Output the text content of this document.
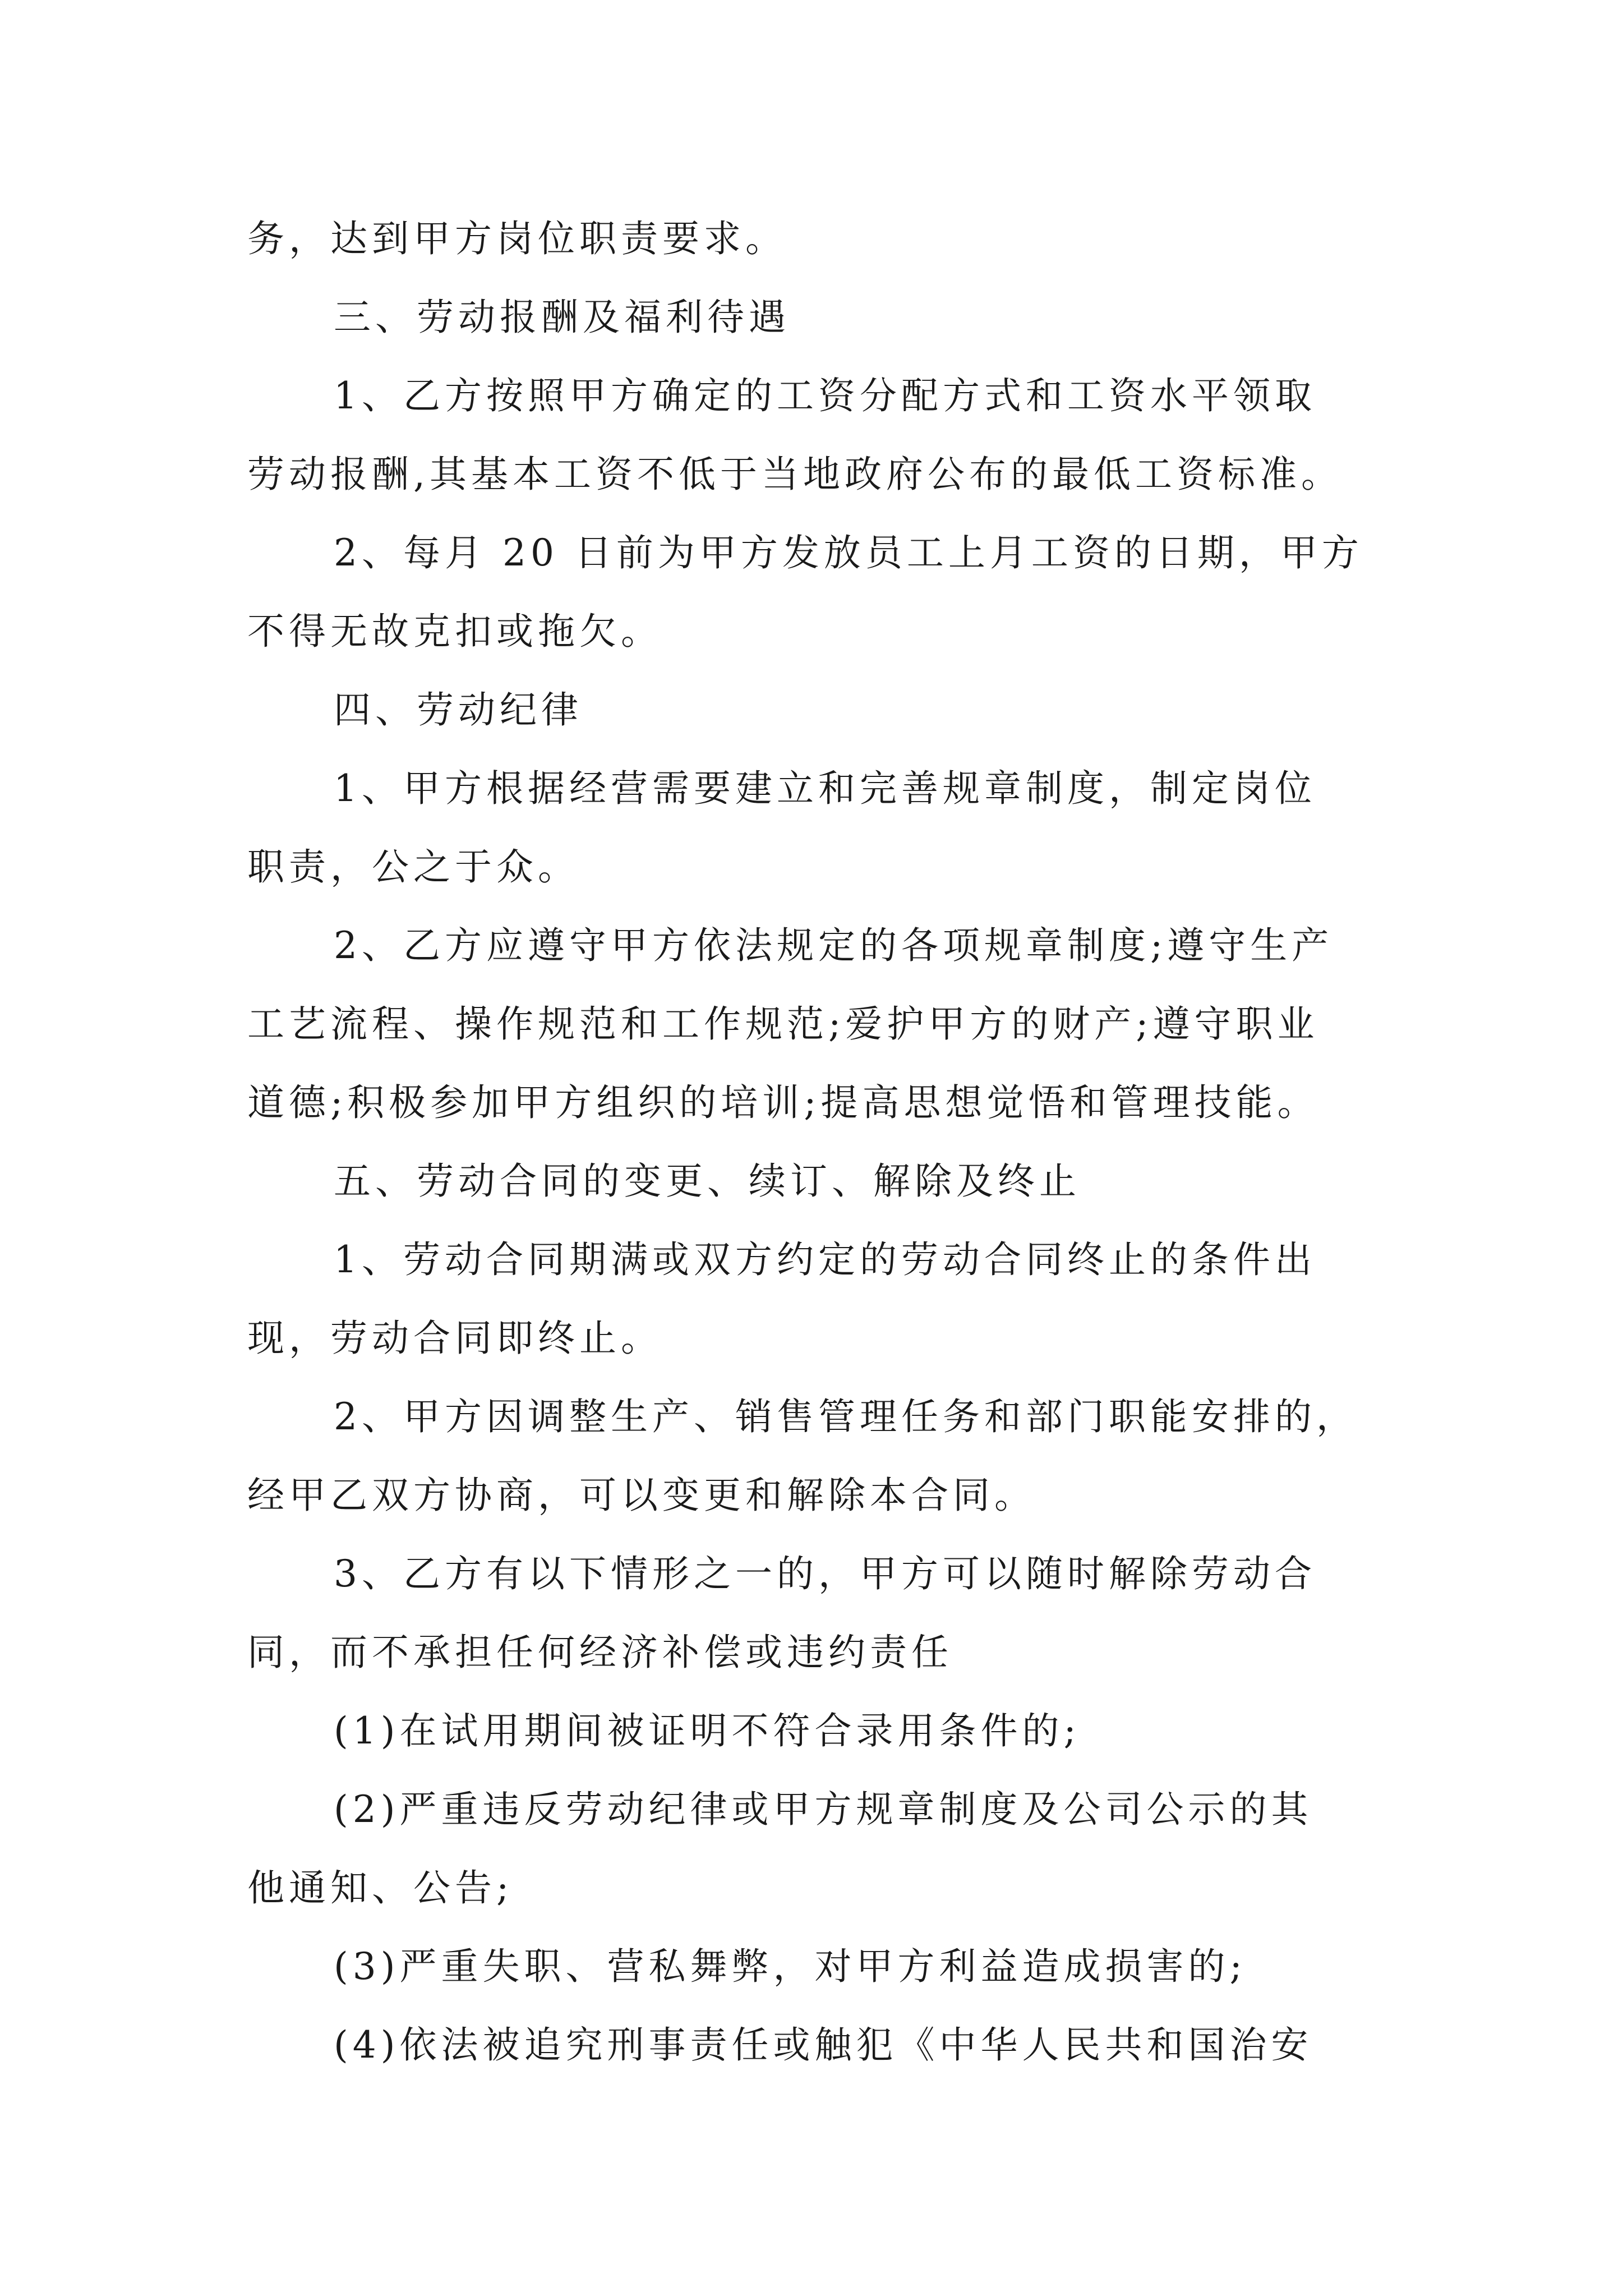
务，达到甲方岗位职责要求。
三、劳动报酬及福利待遇
1、乙方按照甲方确定的工资分配方式和工资水平领取
劳动报酬,其基本工资不低于当地政府公布的最低工资标准。
2、每月 20 日前为甲方发放员工上月工资的日期，甲方
不得无故克扣或拖欠。
四、劳动纪律
1、甲方根据经营需要建立和完善规章制度，制定岗位
职责，公之于众。
2、乙方应遵守甲方依法规定的各项规章制度;遵守生产
工艺流程、操作规范和工作规范;爱护甲方的财产;遵守职业
道德;积极参加甲方组织的培训;提高思想觉悟和管理技能。
五、劳动合同的变更、续订、解除及终止
1、劳动合同期满或双方约定的劳动合同终止的条件出
现，劳动合同即终止。
2、甲方因调整生产、销售管理任务和部门职能安排的，
经甲乙双方协商，可以变更和解除本合同。
3、乙方有以下情形之一的，甲方可以随时解除劳动合
同，而不承担任何经济补偿或违约责任
(1)在试用期间被证明不符合录用条件的;
(2)严重违反劳动纪律或甲方规章制度及公司公示的其
他通知、公告;
(3)严重失职、营私舞弊，对甲方利益造成损害的;
(4)依法被追究刑事责任或触犯《中华人民共和国治安
